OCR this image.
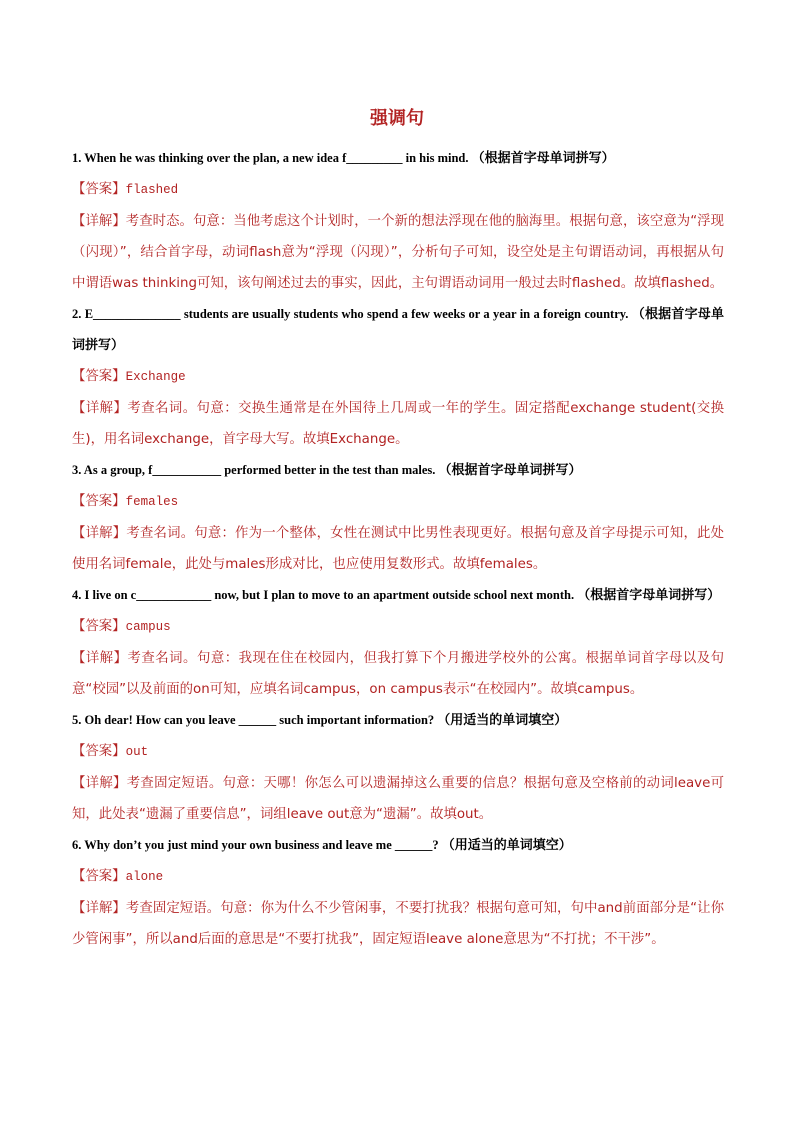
强调句

1. When he was thinking over the plan, a new idea f_________ in his mind. （根据首字母单词拼写）

【答案】flashed

【详解】考查时态。句意：当他考虑这个计划时，一个新的想法浮现在他的脑海里。根据句意，该空意为“浮现（闪现）”，结合首字母，动词flash意为“浮现（闪现）”，分析句子可知，设空处是主句谓语动词，再根据从句中谓语was thinking可知，该句阐述过去的事实，因此，主句谓语动词用一般过去时flashed。故填flashed。

2. E______________ students are usually students who spend a few weeks or a year in a foreign country. （根据首字母单词拼写）

【答案】Exchange

【详解】考查名词。句意：交换生通常是在外国待上几周或一年的学生。固定搭配exchange student(交换生)，用名词exchange，首字母大写。故填Exchange。

3. As a group, f___________ performed better in the test than males. （根据首字母单词拼写）

【答案】females

【详解】考查名词。句意：作为一个整体，女性在测试中比男性表现更好。根据句意及首字母提示可知，此处使用名词female，此处与males形成对比，也应使用复数形式。故填females。

4. I live on c____________ now, but I plan to move to an apartment outside school next month. （根据首字母单词拼写）

【答案】campus

【详解】考查名词。句意：我现在住在校园内，但我打算下个月搬进学校外的公寓。根据单词首字母以及句意“校园”以及前面的on可知，应填名词campus，on campus表示“在校园内”。故填campus。

5. Oh dear! How can you leave ______ such important information? （用适当的单词填空）

【答案】out

【详解】考查固定短语。句意：天哪！你怎么可以遗漏掉这么重要的信息？根据句意及空格前的动词leave可知，此处表“遗漏了重要信息”，词组leave out意为“遗漏”。故填out。

6. Why don’t you just mind your own business and leave me ______? （用适当的单词填空）

【答案】alone

【详解】考查固定短语。句意：你为什么不少管闲事，不要打扰我？根据句意可知，句中and前面部分是“让你少管闲事”，所以and后面的意思是“不要打扰我”，固定短语leave alone意思为“不打扰；不干涉”。
